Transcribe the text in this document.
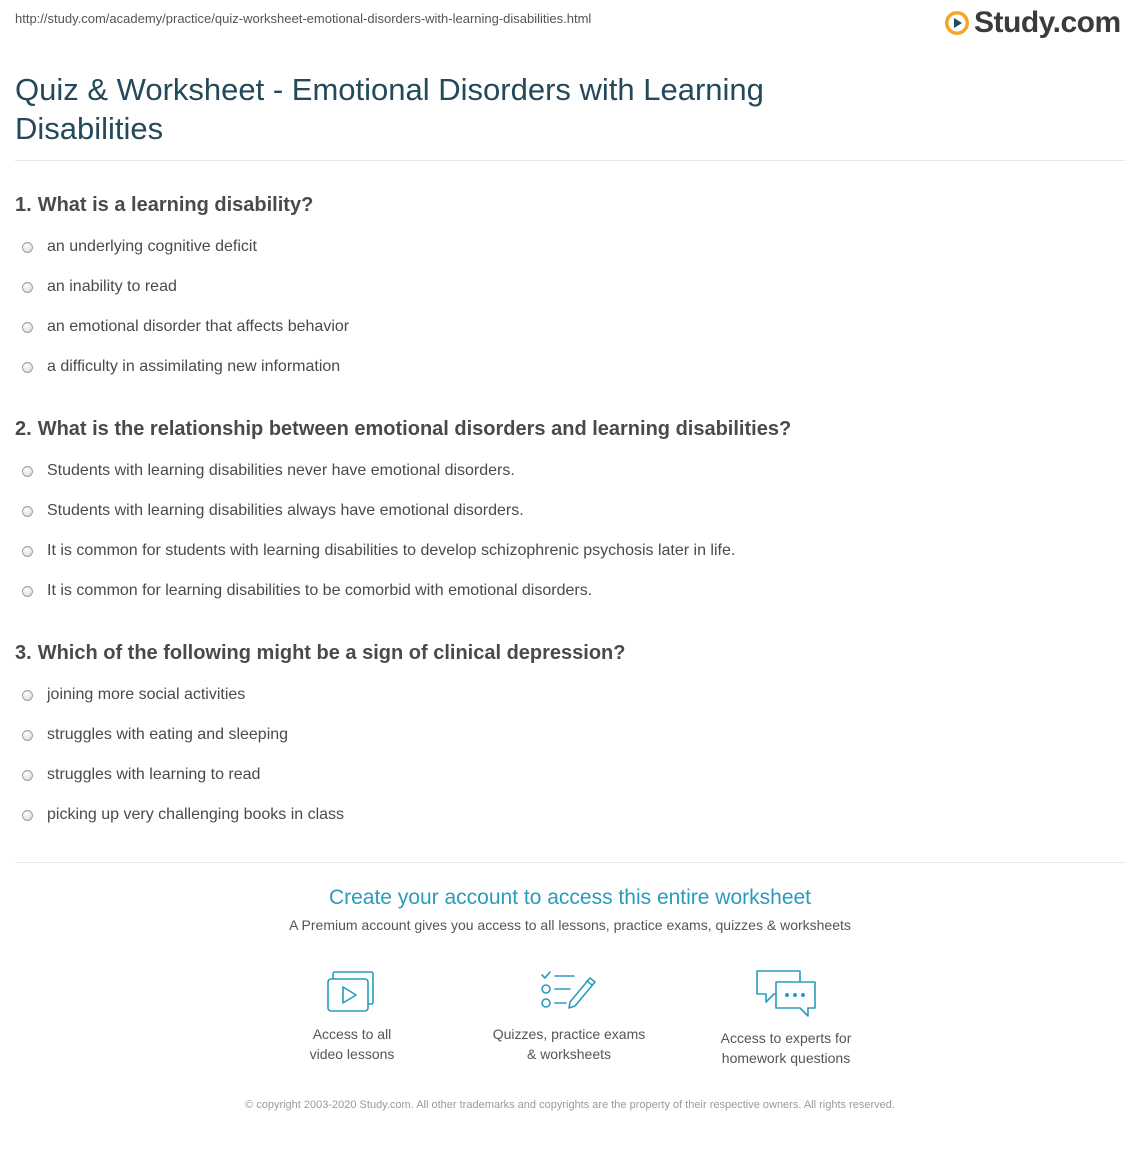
http://study.com/academy/practice/quiz-worksheet-emotional-disorders-with-learning-disabilities.html	Study.com
Quiz & Worksheet - Emotional Disorders with Learning Disabilities
1. What is a learning disability?
an underlying cognitive deficit
an inability to read
an emotional disorder that affects behavior
a difficulty in assimilating new information
2. What is the relationship between emotional disorders and learning disabilities?
Students with learning disabilities never have emotional disorders.
Students with learning disabilities always have emotional disorders.
It is common for students with learning disabilities to develop schizophrenic psychosis later in life.
It is common for learning disabilities to be comorbid with emotional disorders.
3. Which of the following might be a sign of clinical depression?
joining more social activities
struggles with eating and sleeping
struggles with learning to read
picking up very challenging books in class
Create your account to access this entire worksheet
A Premium account gives you access to all lessons, practice exams, quizzes & worksheets
Access to all
video lessons
Quizzes, practice exams
& worksheets
Access to experts for
homework questions
© copyright 2003-2020 Study.com. All other trademarks and copyrights are the property of their respective owners. All rights reserved.
